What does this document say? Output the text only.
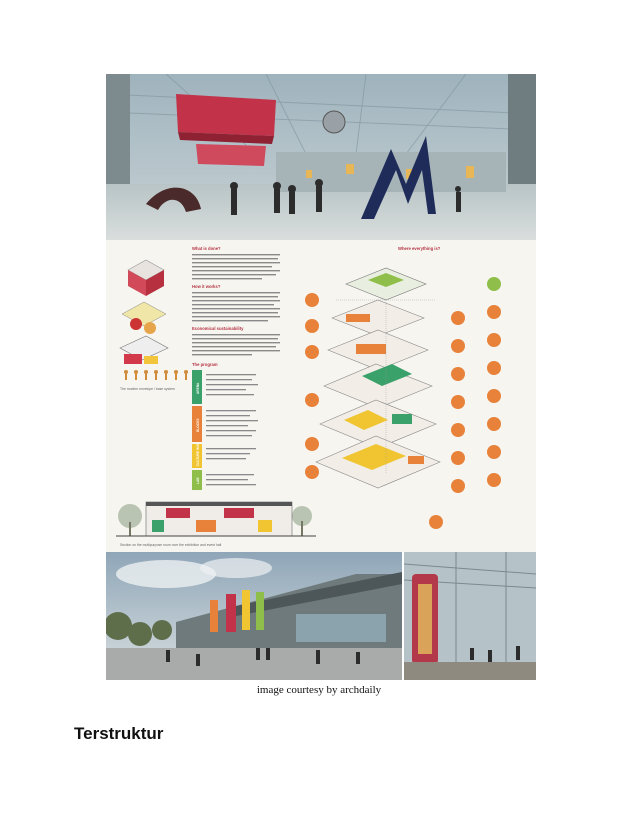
The modern envelope / base system
What is done?
How it works?
Economical sustainability
The program
ARENA
BLOCKS
CULTURE HUB
LAB
Where everything is?
Section on the multipurpose room over the exhibition and event hall
image courtesy by archdaily
Terstruktur
